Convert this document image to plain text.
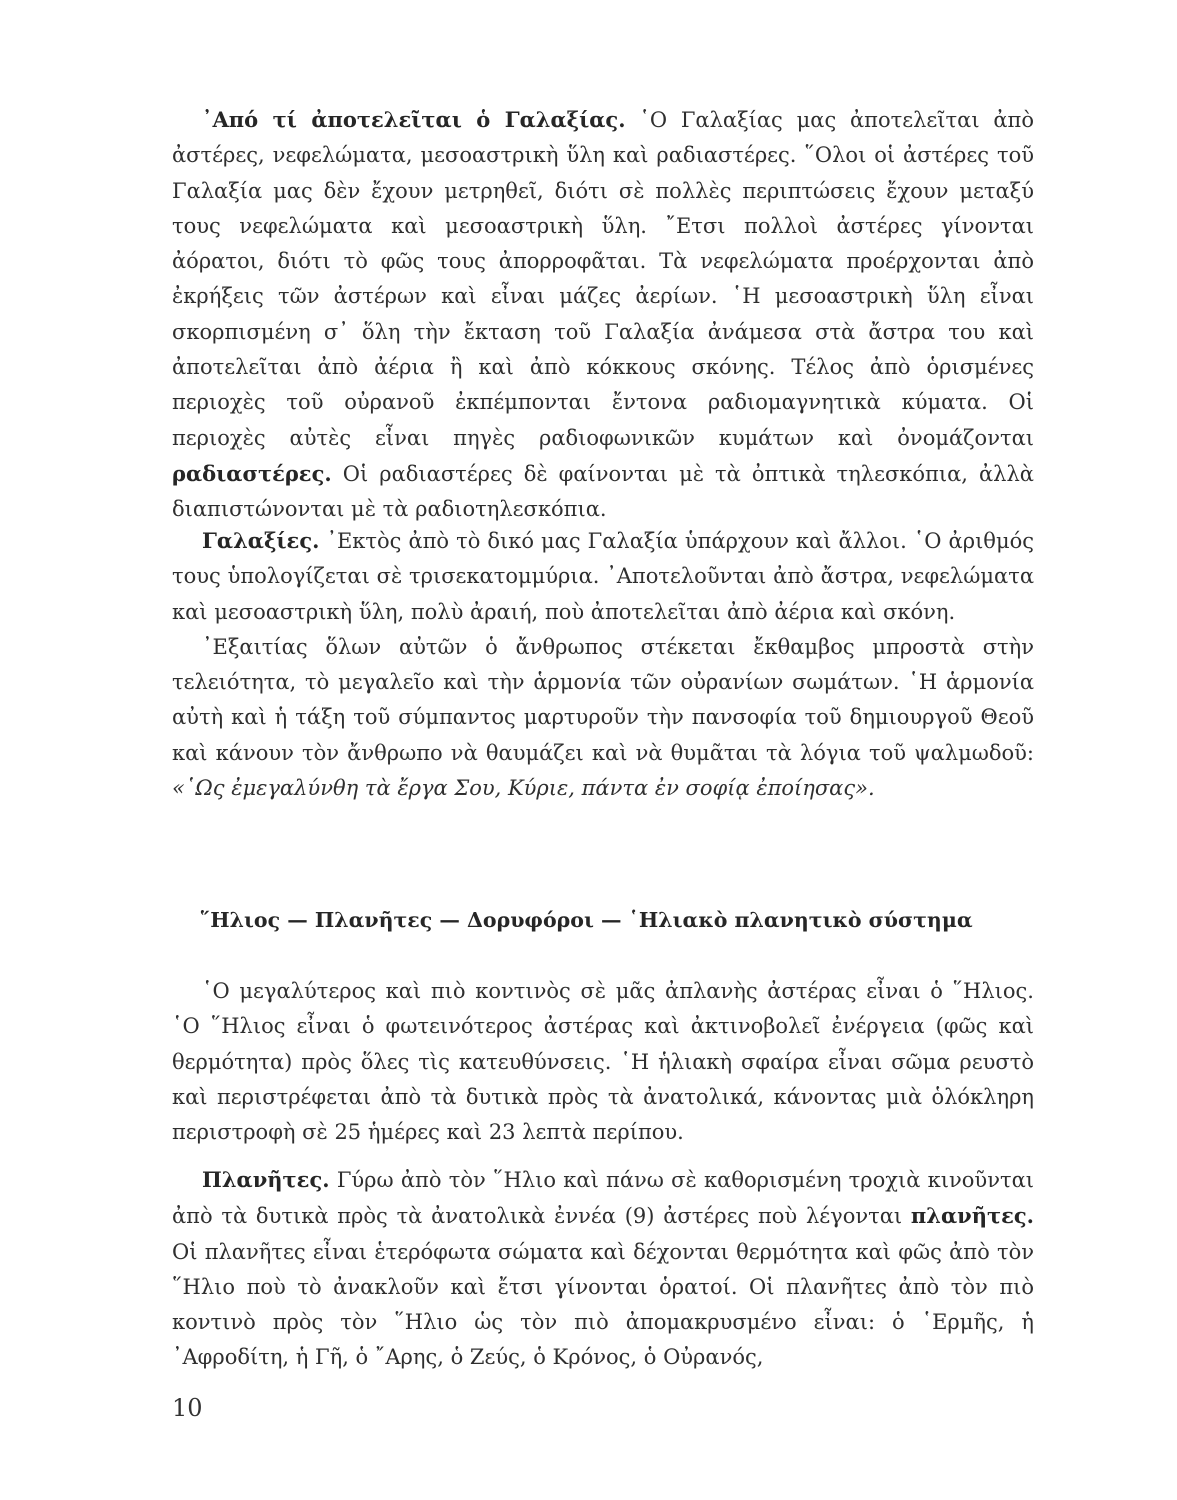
᾿Από τί ἀποτελεῖται ὁ Γαλαξίας. ῾Ο Γαλαξίας μας ἀποτελεῖται ἀπὸ ἀστέρες, νεφελώματα, μεσοαστρικὴ ὕλη καὶ ραδιαστέρες. ῞Ολοι οἱ ἀστέρες τοῦ Γαλαξία μας δὲν ἔχουν μετρηθεῖ, διότι σὲ πολλὲς περιπτώσεις ἔχουν μεταξύ τους νεφελώματα καὶ μεσοαστρικὴ ὕλη. ῎Ετσι πολλοὶ ἀστέρες γίνονται ἀόρατοι, διότι τὸ φῶς τους ἀπορροφᾶται. Τὰ νεφελώματα προέρχονται ἀπὸ ἐκρήξεις τῶν ἀστέρων καὶ εἶναι μάζες ἀερίων. ῾Η μεσοαστρικὴ ὕλη εἶναι σκορπισμένη σ᾿ ὅλη τὴν ἔκταση τοῦ Γαλαξία ἀνάμεσα στὰ ἄστρα του καὶ ἀποτελεῖται ἀπὸ ἀέρια ἢ καὶ ἀπὸ κόκκους σκόνης. Τέλος ἀπὸ ὁρισμένες περιοχὲς τοῦ οὐρανοῦ ἐκπέμπονται ἔντονα ραδιομαγνητικὰ κύματα. Οἱ περιοχὲς αὐτὲς εἶναι πηγὲς ραδιοφωνικῶν κυμάτων καὶ ὀνομάζονται ραδιαστέρες. Οἱ ραδιαστέρες δὲ φαίνονται μὲ τὰ ὀπτικὰ τηλεσκόπια, ἀλλὰ διαπιστώνονται μὲ τὰ ραδιοτηλεσκόπια.

Γαλαξίες. ᾿Εκτὸς ἀπὸ τὸ δικό μας Γαλαξία ὑπάρχουν καὶ ἄλλοι. ῾Ο ἀριθμός τους ὑπολογίζεται σὲ τρισεκατομμύρια. ᾿Αποτελοῦνται ἀπὸ ἄστρα, νεφελώματα καὶ μεσοαστρικὴ ὕλη, πολὺ ἀραιή, ποὺ ἀποτελεῖται ἀπὸ ἀέρια καὶ σκόνη.

᾿Εξαιτίας ὅλων αὐτῶν ὁ ἄνθρωπος στέκεται ἔκθαμβος μπροστὰ στὴν τελειότητα, τὸ μεγαλεῖο καὶ τὴν ἁρμονία τῶν οὐρανίων σωμάτων. ῾Η ἁρμονία αὐτὴ καὶ ἡ τάξη τοῦ σύμπαντος μαρτυροῦν τὴν πανσοφία τοῦ δημιουργοῦ Θεοῦ καὶ κάνουν τὸν ἄνθρωπο νὰ θαυμάζει καὶ νὰ θυμᾶται τὰ λόγια τοῦ ψαλμωδοῦ: «῾Ως ἐμεγαλύνθη τὰ ἔργα Σου, Κύριε, πάντα ἐν σοφίᾳ ἐποίησας».

῞Ηλιος — Πλανῆτες — Δορυφόροι — ῾Ηλιακὸ πλανητικὸ σύστημα

῾Ο μεγαλύτερος καὶ πιὸ κοντινὸς σὲ μᾶς ἀπλανὴς ἀστέρας εἶναι ὁ ῞Ηλιος. ῾Ο ῞Ηλιος εἶναι ὁ φωτεινότερος ἀστέρας καὶ ἀκτινοβολεῖ ἐνέργεια (φῶς καὶ θερμότητα) πρὸς ὅλες τὶς κατευθύνσεις. ῾Η ἡλιακὴ σφαίρα εἶναι σῶμα ρευστὸ καὶ περιστρέφεται ἀπὸ τὰ δυτικὰ πρὸς τὰ ἀνατολικά, κάνοντας μιὰ ὁλόκληρη περιστροφὴ σὲ 25 ἡμέρες καὶ 23 λεπτὰ περίπου.

Πλανῆτες. Γύρω ἀπὸ τὸν ῞Ηλιο καὶ πάνω σὲ καθορισμένη τροχιὰ κινοῦνται ἀπὸ τὰ δυτικὰ πρὸς τὰ ἀνατολικὰ ἐννέα (9) ἀστέρες ποὺ λέγονται πλανῆτες. Οἱ πλανῆτες εἶναι ἑτερόφωτα σώματα καὶ δέχονται θερμότητα καὶ φῶς ἀπὸ τὸν ῞Ηλιο ποὺ τὸ ἀνακλοῦν καὶ ἔτσι γίνονται ὁρατοί. Οἱ πλανῆτες ἀπὸ τὸν πιὸ κοντινὸ πρὸς τὸν ῞Ηλιο ὡς τὸν πιὸ ἀπομακρυσμένο εἶναι: ὁ ῾Ερμῆς, ἡ ᾿Αφροδίτη, ἡ Γῆ, ὁ ῎Αρης, ὁ Ζεύς, ὁ Κρόνος, ὁ Οὐρανός,

10
